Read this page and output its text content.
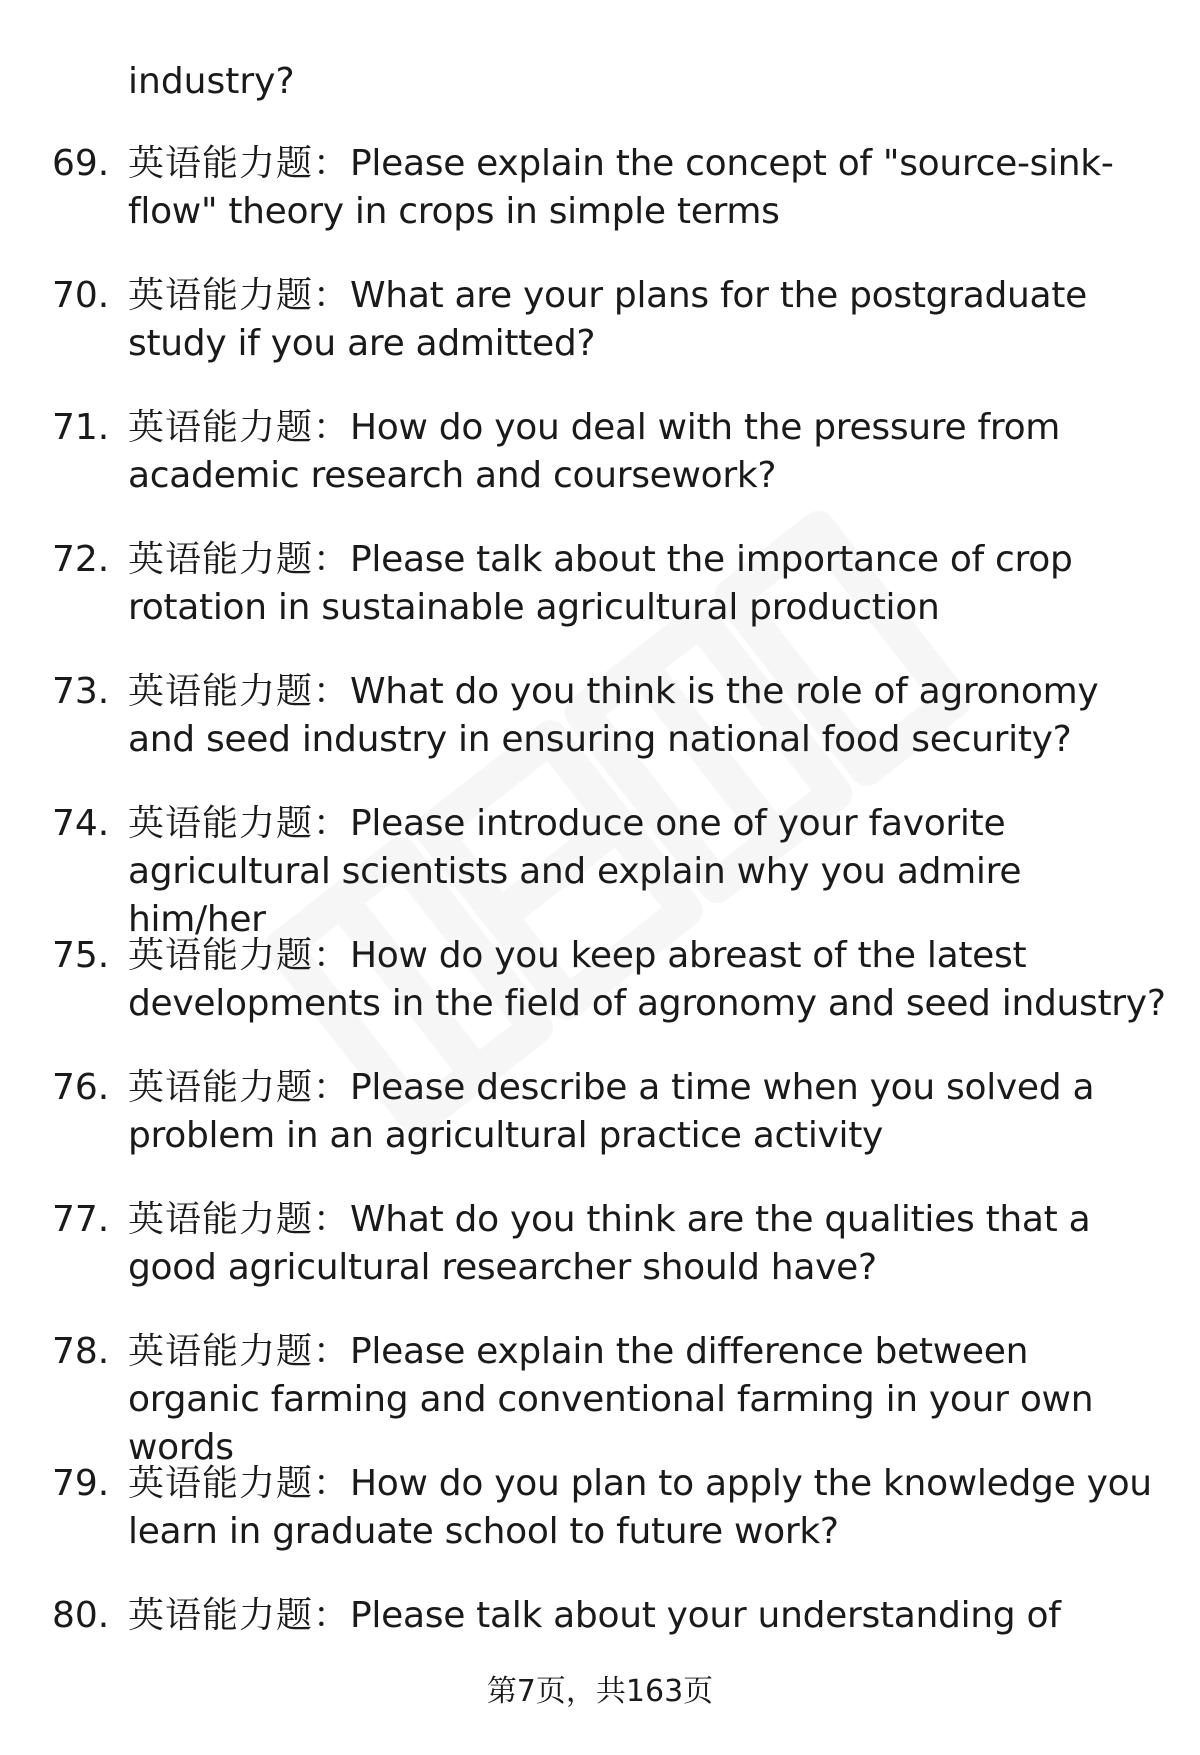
industry?

69. 英语能力题：Please explain the concept of "source-sink-flow" theory in crops in simple terms
70. 英语能力题：What are your plans for the postgraduate study if you are admitted?
71. 英语能力题：How do you deal with the pressure from academic research and coursework?
72. 英语能力题：Please talk about the importance of crop rotation in sustainable agricultural production
73. 英语能力题：What do you think is the role of agronomy and seed industry in ensuring national food security?
74. 英语能力题：Please introduce one of your favorite agricultural scientists and explain why you admire him/her
75. 英语能力题：How do you keep abreast of the latest developments in the field of agronomy and seed industry?
76. 英语能力题：Please describe a time when you solved a problem in an agricultural practice activity
77. 英语能力题：What do you think are the qualities that a good agricultural researcher should have?
78. 英语能力题：Please explain the difference between organic farming and conventional farming in your own words
79. 英语能力题：How do you plan to apply the knowledge you learn in graduate school to future work?
80. 英语能力题：Please talk about your understanding of
第7页，共163页
